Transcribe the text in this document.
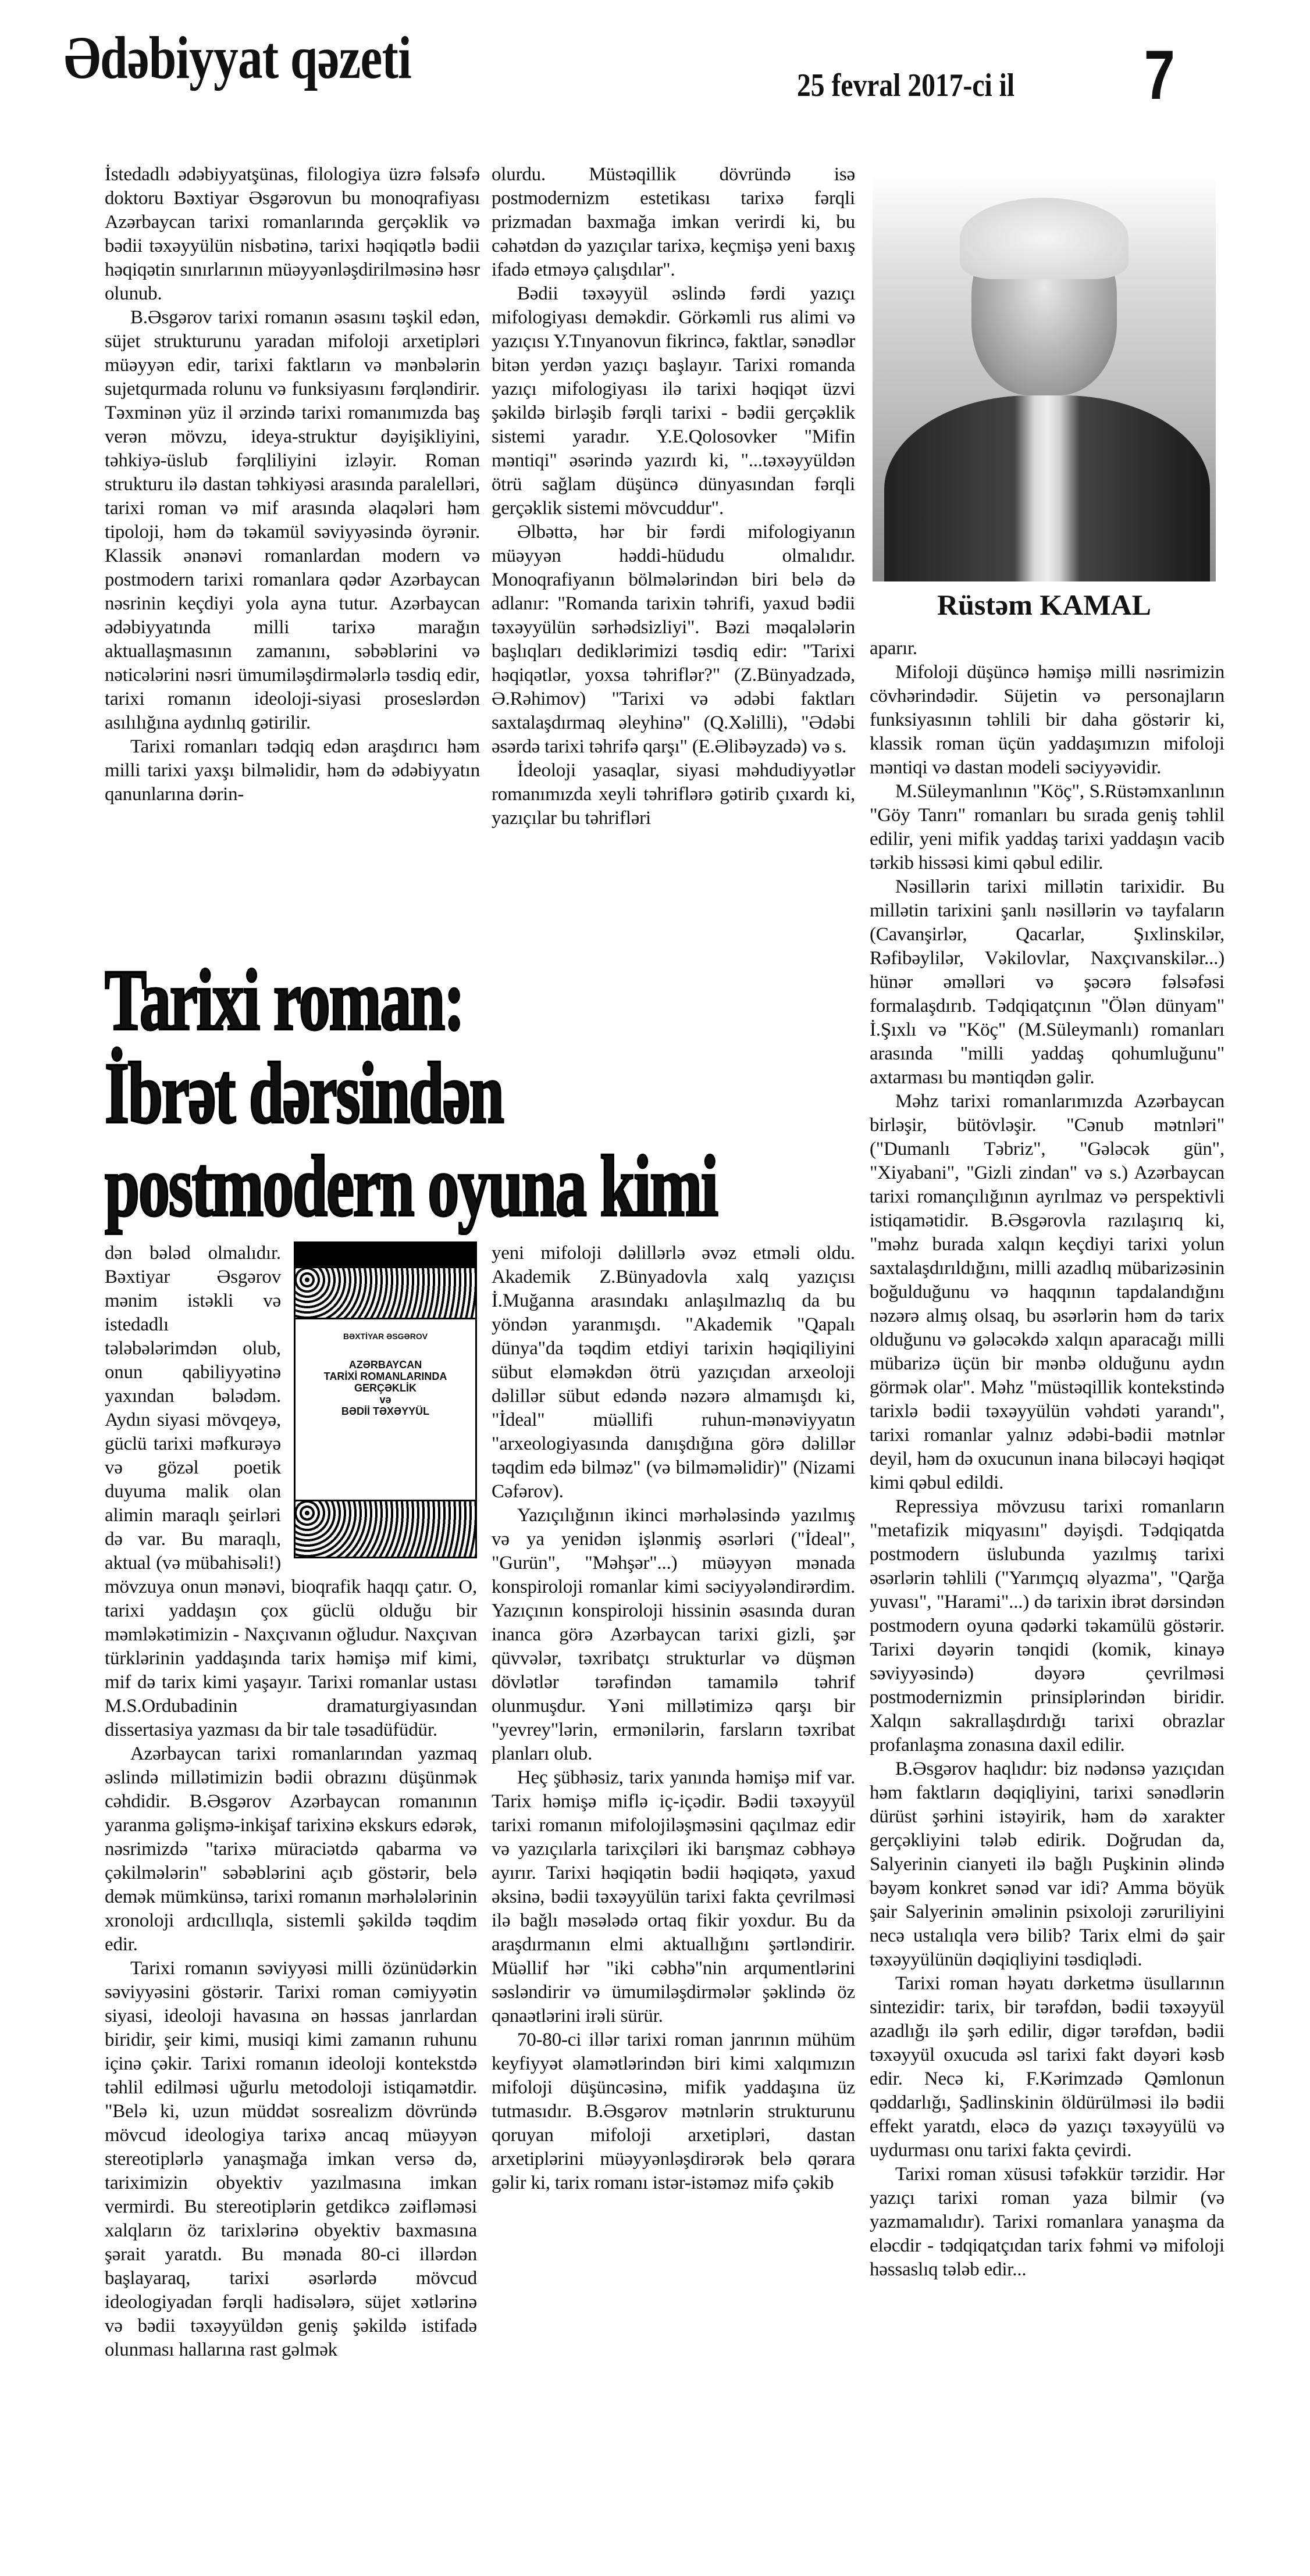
Ədəbiyyat qəzeti	25 fevral 2017-ci il 7

İstedadlı ədəbiyyatşünas, filologiya üzrə fəlsəfə doktoru Bəxtiyar Əsgərovun bu monoqrafiyası Azərbaycan tarixi romanlarında gerçəklik və bədii təxəyyülün nisbətinə, tarixi həqiqətlə bədii həqiqətin sınırlarının müəyyənləşdirilməsinə həsr olunub.

B.Əsgərov tarixi romanın əsasını təşkil edən, süjet strukturunu yaradan mifoloji arxetipləri müəyyən edir, tarixi faktların və mənbələrin sujetqurmada rolunu və funksiyasını fərqləndirir. Təxminən yüz il ərzində tarixi romanımızda baş verən mövzu, ideya-struktur dəyişikliyini, təhkiyə-üslub fərqliliyini izləyir. Roman strukturu ilə dastan təhkiyəsi arasında paralelləri, tarixi roman və mif arasında əlaqələri həm tipoloji, həm də təkamül səviyyəsində öyrənir. Klassik ənənəvi romanlardan modern və postmodern tarixi romanlara qədər Azərbaycan nəsrinin keçdiyi yola ayna tutur. Azərbaycan ədəbiyyatında milli tarixə marağın aktuallaşmasının zamanını, səbəblərini və nəticələrini nəsri ümumiləşdirmələrlə təsdiq edir, tarixi romanın ideoloji-siyasi proseslərdən asılılığına aydınlıq gətirilir.

Tarixi romanları tədqiq edən araşdırıcı həm milli tarixi yaxşı bilməlidir, həm də ədəbiyyatın qanunlarına dərin-

olurdu. Müstəqillik dövründə isə postmodernizm estetikası tarixə fərqli prizmadan baxmağa imkan verirdi ki, bu cəhətdən də yazıçılar tarixə, keçmişə yeni baxış ifadə etməyə çalışdılar".

Bədii təxəyyül əslində fərdi yazıçı mifologiyası deməkdir. Görkəmli rus alimi və yazıçısı Y.Tınyanovun fikrincə, faktlar, sənədlər bitən yerdən yazıçı başlayır. Tarixi romanda yazıçı mifologiyası ilə tarixi həqiqət üzvi şəkildə birləşib fərqli tarixi - bədii gerçəklik sistemi yaradır. Y.E.Qolosovker "Mifin məntiqi" əsərində yazırdı ki, "...təxəyyüldən ötrü sağlam düşüncə dünyasından fərqli gerçəklik sistemi mövcuddur".

Əlbəttə, hər bir fərdi mifologiyanın müəyyən həddi-hüdudu olmalıdır. Monoqrafiyanın bölmələrindən biri belə də adlanır: "Romanda tarixin təhrifi, yaxud bədii təxəyyülün sərhədsizliyi". Bəzi məqalələrin başlıqları dediklərimizi təsdiq edir: "Tarixi həqiqətlər, yoxsa təhriflər?" (Z.Bünyadzadə, Ə.Rəhimov) "Tarixi və ədəbi faktları saxtalaşdırmaq əleyhinə" (Q.Xəlilli), "Ədəbi əsərdə tarixi təhrifə qarşı" (E.Əlibəyzadə) və s.

İdeoloji yasaqlar, siyasi məhdudiyyətlər romanımızda xeyli təhriflərə gətirib çıxardı ki, yazıçılar bu təhrifləri

Rüstəm KAMAL

aparır.

Mifoloji düşüncə həmişə milli nəsrimizin cövhərindədir. Süjetin və personajların funksiyasının təhlili bir daha göstərir ki, klassik roman üçün yaddaşımızın mifoloji məntiqi və dastan modeli səciyyəvidir.

M.Süleymanlının "Köç", S.Rüstəmxanlının "Göy Tanrı" romanları bu sırada geniş təhlil edilir, yeni mifik yaddaş tarixi yaddaşın vacib tərkib hissəsi kimi qəbul edilir.

Nəsillərin tarixi millətin tarixidir. Bu millətin tarixini şanlı nəsillərin və tayfaların (Cavanşirlər, Qacarlar, Şıxlinskilər, Rəfibəylilər, Vəkilovlar, Naxçıvanskilər...) hünər əməlləri və şəcərə fəlsəfəsi formalaşdırıb. Tədqiqatçının "Ölən dünyam" İ.Şıxlı və "Köç" (M.Süleymanlı) romanları arasında "milli yaddaş qohumluğunu" axtarması bu məntiqdən gəlir.

Məhz tarixi romanlarımızda Azərbaycan birləşir, bütövləşir. "Cənub mətnləri" ("Dumanlı Təbriz", "Gələcək gün", "Xiyabani", "Gizli zindan" və s.) Azərbaycan tarixi romançılığının ayrılmaz və perspektivli istiqamətidir. B.Əsgərovla razılaşırıq ki, "məhz burada xalqın keçdiyi tarixi yolun saxtalaşdırıldığını, milli azadlıq mübarizəsinin boğulduğunu və haqqının tapdalandığını nəzərə almış olsaq, bu əsərlərin həm də tarix olduğunu və gələcəkdə xalqın aparacağı milli mübarizə üçün bir mənbə olduğunu aydın görmək olar". Məhz "müstəqillik kontekstində tarixlə bədii təxəyyülün vəhdəti yarandı", tarixi romanlar yalnız ədəbi-bədii mətnlər deyil, həm də oxucunun inana biləcəyi həqiqət kimi qəbul edildi.

Repressiya mövzusu tarixi romanların "metafizik miqyasını" dəyişdi. Tədqiqatda postmodern üslubunda yazılmış tarixi əsərlərin təhlili ("Yarımçıq əlyazma", "Qarğa yuvası", "Harami"...) də tarixin ibrət dərsindən postmodern oyuna qədərki təkamülü göstərir. Tarixi dəyərin tənqidi (komik, kinayə səviyyəsində) dəyərə çevrilməsi postmodernizmin prinsiplərindən biridir. Xalqın sakrallaşdırdığı tarixi obrazlar profanlaşma zonasına daxil edilir.

B.Əsgərov haqlıdır: biz nədənsə yazıçıdan həm faktların dəqiqliyini, tarixi sənədlərin dürüst şərhini istəyirik, həm də xarakter gerçəkliyini tələb edirik. Doğrudan da, Salyerinin cianyeti ilə bağlı Puşkinin əlində bəyəm konkret sənəd var idi? Amma böyük şair Salyerinin əməlinin psixoloji zəruriliyini necə ustalıqla verə bilib? Tarix elmi də şair təxəyyülünün dəqiqliyini təsdiqlədi.

Tarixi roman həyatı dərketmə üsullarının sintezidir: tarix, bir tərəfdən, bədii təxəyyül azadlığı ilə şərh edilir, digər tərəfdən, bədii təxəyyül oxucuda əsl tarixi fakt dəyəri kəsb edir. Necə ki, F.Kərimzadə Qəmlonun qəddarlığı, Şadlinskinin öldürülməsi ilə bədii effekt yaratdı, eləcə də yazıçı təxəyyülü və uydurması onu tarixi fakta çevirdi.

Tarixi roman xüsusi təfəkkür tərzidir. Hər yazıçı tarixi roman yaza bilmir (və yazmamalıdır). Tarixi romanlara yanaşma da eləcdir - tədqiqatçıdan tarix fəhmi və mifoloji həssaslıq tələb edir...

Tarixi roman:
İbrət dərsindən
postmodern oyuna kimi
BƏXTİYAR ƏSGƏROV
AZƏRBAYCAN
TARİXİ ROMANLARINDA
GERÇƏKLİK
və
BƏDİİ TƏXƏYYÜL

dən bələd olmalıdır. Bəxtiyar Əsgərov mənim istəkli və istedadlı tələbələrimdən olub, onun qabiliyyətinə yaxından bələdəm. Aydın siyasi mövqeyə, güclü tarixi məfkurəyə və gözəl poetik duyuma malik olan alimin maraqlı şeirləri də var. Bu maraqlı, aktual (və mübahisəli!) mövzuya onun mənəvi, bioqrafik haqqı çatır. O, tarixi yaddaşın çox güclü olduğu bir məmləkətimizin - Naxçıvanın oğludur. Naxçıvan türklərinin yaddaşında tarix həmişə mif kimi, mif də tarix kimi yaşayır. Tarixi romanlar ustası M.S.Ordubadinin dramaturgiyasından dissertasiya yazması da bir tale təsadüfüdür.

Azərbaycan tarixi romanlarından yazmaq əslində millətimizin bədii obrazını düşünmək cəhdidir. B.Əsgərov Azərbaycan romanının yaranma gəlişmə-inkişaf tarixinə ekskurs edərək, nəsrimizdə "tarixə müraciətdə qabarma və çəkilmələrin" səbəblərini açıb göstərir, belə demək mümkünsə, tarixi romanın mərhələlərinin xronoloji ardıcıllıqla, sistemli şəkildə təqdim edir.

Tarixi romanın səviyyəsi milli özünüdərkin səviyyəsini göstərir. Tarixi roman cəmiyyətin siyasi, ideoloji havasına ən həssas janrlardan biridir, şeir kimi, musiqi kimi zamanın ruhunu içinə çəkir. Tarixi romanın ideoloji kontekstdə təhlil edilməsi uğurlu metodoloji istiqamətdir. "Belə ki, uzun müddət sosrealizm dövründə mövcud ideologiya tarixə ancaq müəyyən stereotiplərlə yanaşmağa imkan versə də, tariximizin obyektiv yazılmasına imkan vermirdi. Bu stereotiplərin getdikcə zəifləməsi xalqların öz tarixlərinə obyektiv baxmasına şərait yaratdı. Bu mənada 80-ci illərdən başlayaraq, tarixi əsərlərdə mövcud ideologiyadan fərqli hadisələrə, süjet xətlərinə və bədii təxəyyüldən geniş şəkildə istifadə olunması hallarına rast gəlmək

yeni mifoloji dəlillərlə əvəz etməli oldu. Akademik Z.Bünyadovla xalq yazıçısı İ.Muğanna arasındakı anlaşılmazlıq da bu yöndən yaranmışdı. "Akademik "Qapalı dünya"da təqdim etdiyi tarixin həqiqiliyini sübut eləməkdən ötrü yazıçıdan arxeoloji dəlillər sübut edəndə nəzərə almamışdı ki, "İdeal" müəllifi ruhun-mənəviyyatın "arxeologiyasında danışdığına görə dəlillər təqdim edə bilməz" (və bilməməlidir)" (Nizami Cəfərov).

Yazıçılığının ikinci mərhələsində yazılmış və ya yenidən işlənmiş əsərləri ("İdeal", "Gurün", "Məhşər"...) müəyyən mənada konspiroloji romanlar kimi səciyyələndirərdim. Yazıçının konspiroloji hissinin əsasında duran inanca görə Azərbaycan tarixi gizli, şər qüvvələr, təxribatçı strukturlar və düşmən dövlətlər tərəfindən tamamilə təhrif olunmuşdur. Yəni millətimizə qarşı bir "yevrey"lərin, ermənilərin, farsların təxribat planları olub.

Heç şübhəsiz, tarix yanında həmişə mif var. Tarix həmişə miflə iç-içədir. Bədii təxəyyül tarixi romanın mifolojiləşməsini qaçılmaz edir və yazıçılarla tarixçiləri iki barışmaz cəbhəyə ayırır. Tarixi həqiqətin bədii həqiqətə, yaxud əksinə, bədii təxəyyülün tarixi fakta çevrilməsi ilə bağlı məsələdə ortaq fikir yoxdur. Bu da araşdırmanın elmi aktuallığını şərtləndirir. Müəllif hər "iki cəbhə"nin arqumentlərini səsləndirir və ümumiləşdirmələr şəklində öz qənaətlərini irəli sürür.

70-80-ci illər tarixi roman janrının mühüm keyfiyyət əlamətlərindən biri kimi xalqımızın mifoloji düşüncəsinə, mifik yaddaşına üz tutmasıdır. B.Əsgərov mətnlərin strukturunu qoruyan mifoloji arxetipləri, dastan arxetiplərini müəyyənləşdirərək belə qərara gəlir ki, tarix romanı istər-istəməz mifə çəkib
